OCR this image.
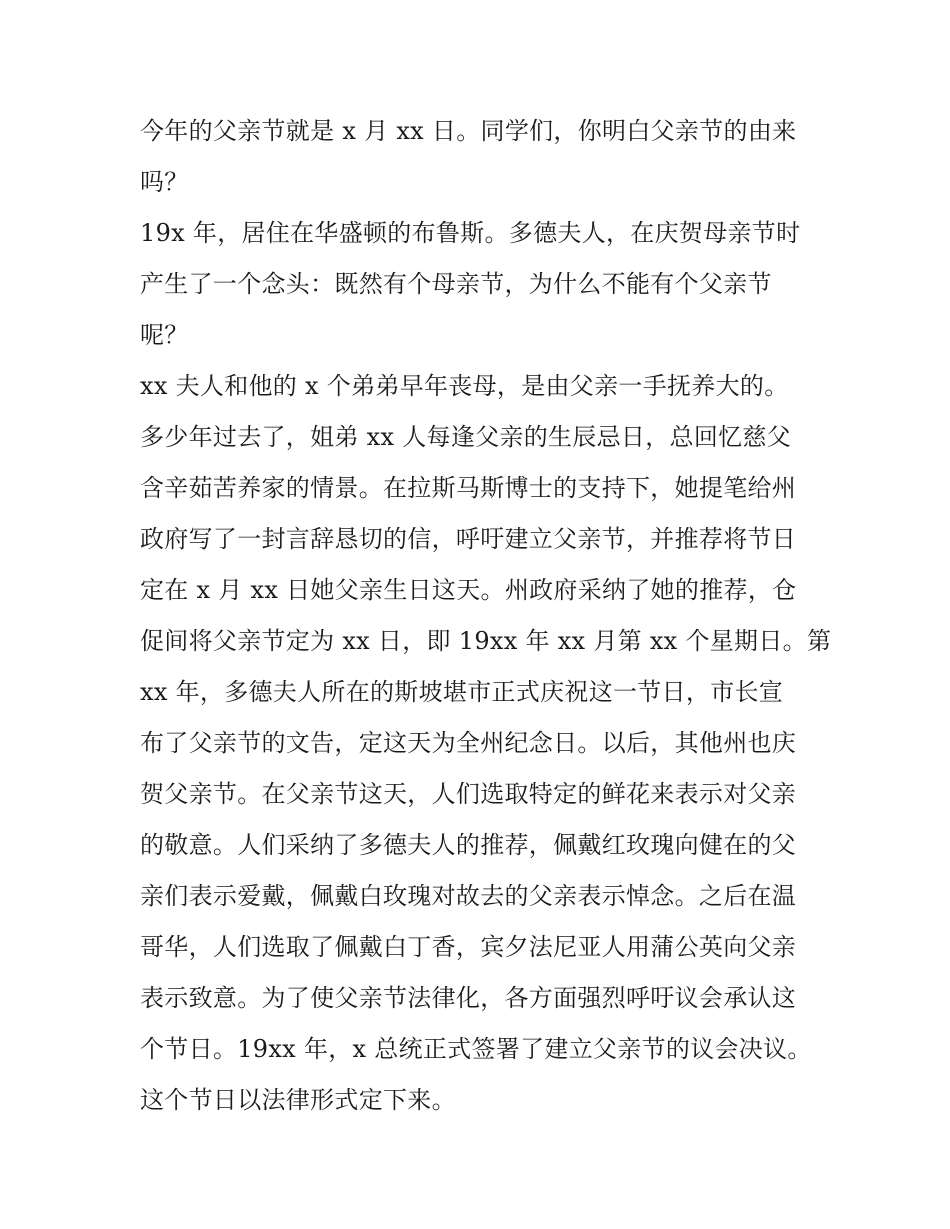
今年的父亲节就是 x 月 xx 日。同学们，你明白父亲节的由来
吗？
19x 年，居住在华盛顿的布鲁斯。多德夫人，在庆贺母亲节时
产生了一个念头：既然有个母亲节，为什么不能有个父亲节
呢？
xx 夫人和他的 x 个弟弟早年丧母，是由父亲一手抚养大的。
多少年过去了，姐弟 xx 人每逢父亲的生辰忌日，总回忆慈父
含辛茹苦养家的情景。在拉斯马斯博士的支持下，她提笔给州
政府写了一封言辞恳切的信，呼吁建立父亲节，并推荐将节日
定在 x 月 xx 日她父亲生日这天。州政府采纳了她的推荐，仓
促间将父亲节定为 xx 日，即 19xx 年 xx 月第 xx 个星期日。第
xx 年，多德夫人所在的斯坡堪市正式庆祝这一节日，市长宣
布了父亲节的文告，定这天为全州纪念日。以后，其他州也庆
贺父亲节。在父亲节这天，人们选取特定的鲜花来表示对父亲
的敬意。人们采纳了多德夫人的推荐，佩戴红玫瑰向健在的父
亲们表示爱戴，佩戴白玫瑰对故去的父亲表示悼念。之后在温
哥华，人们选取了佩戴白丁香，宾夕法尼亚人用蒲公英向父亲
表示致意。为了使父亲节法律化，各方面强烈呼吁议会承认这
个节日。19xx 年，x 总统正式签署了建立父亲节的议会决议。
这个节日以法律形式定下来。
